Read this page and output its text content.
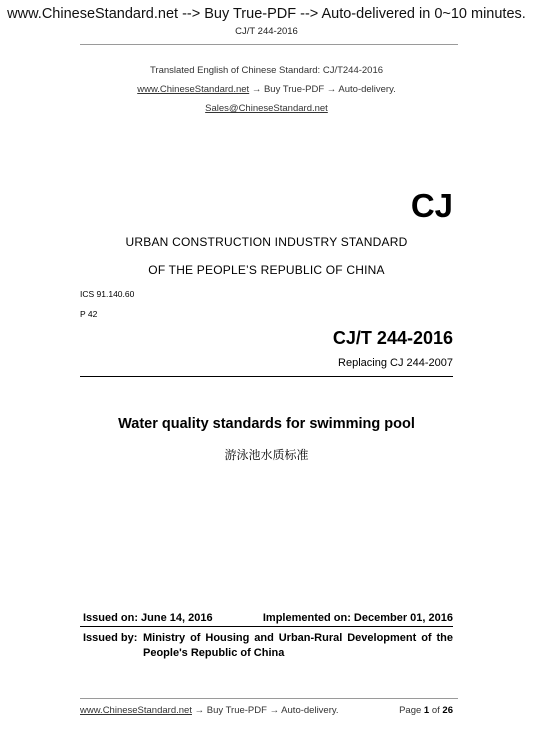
www.ChineseStandard.net --> Buy True-PDF --> Auto-delivered in 0~10 minutes.
CJ/T 244-2016
Translated English of Chinese Standard: CJ/T244-2016
www.ChineseStandard.net → Buy True-PDF → Auto-delivery.
Sales@ChineseStandard.net
CJ
URBAN CONSTRUCTION INDUSTRY STANDARD
OF THE PEOPLE’S REPUBLIC OF CHINA
ICS 91.140.60
P 42
CJ/T 244-2016
Replacing CJ 244-2007
Water quality standards for swimming pool
游泳池水质标准
Issued on: June 14, 2016	Implemented on: December 01, 2016
Issued by: Ministry of Housing and Urban-Rural Development of the People's Republic of China
www.ChineseStandard.net → Buy True-PDF → Auto-delivery.	Page 1 of 26
